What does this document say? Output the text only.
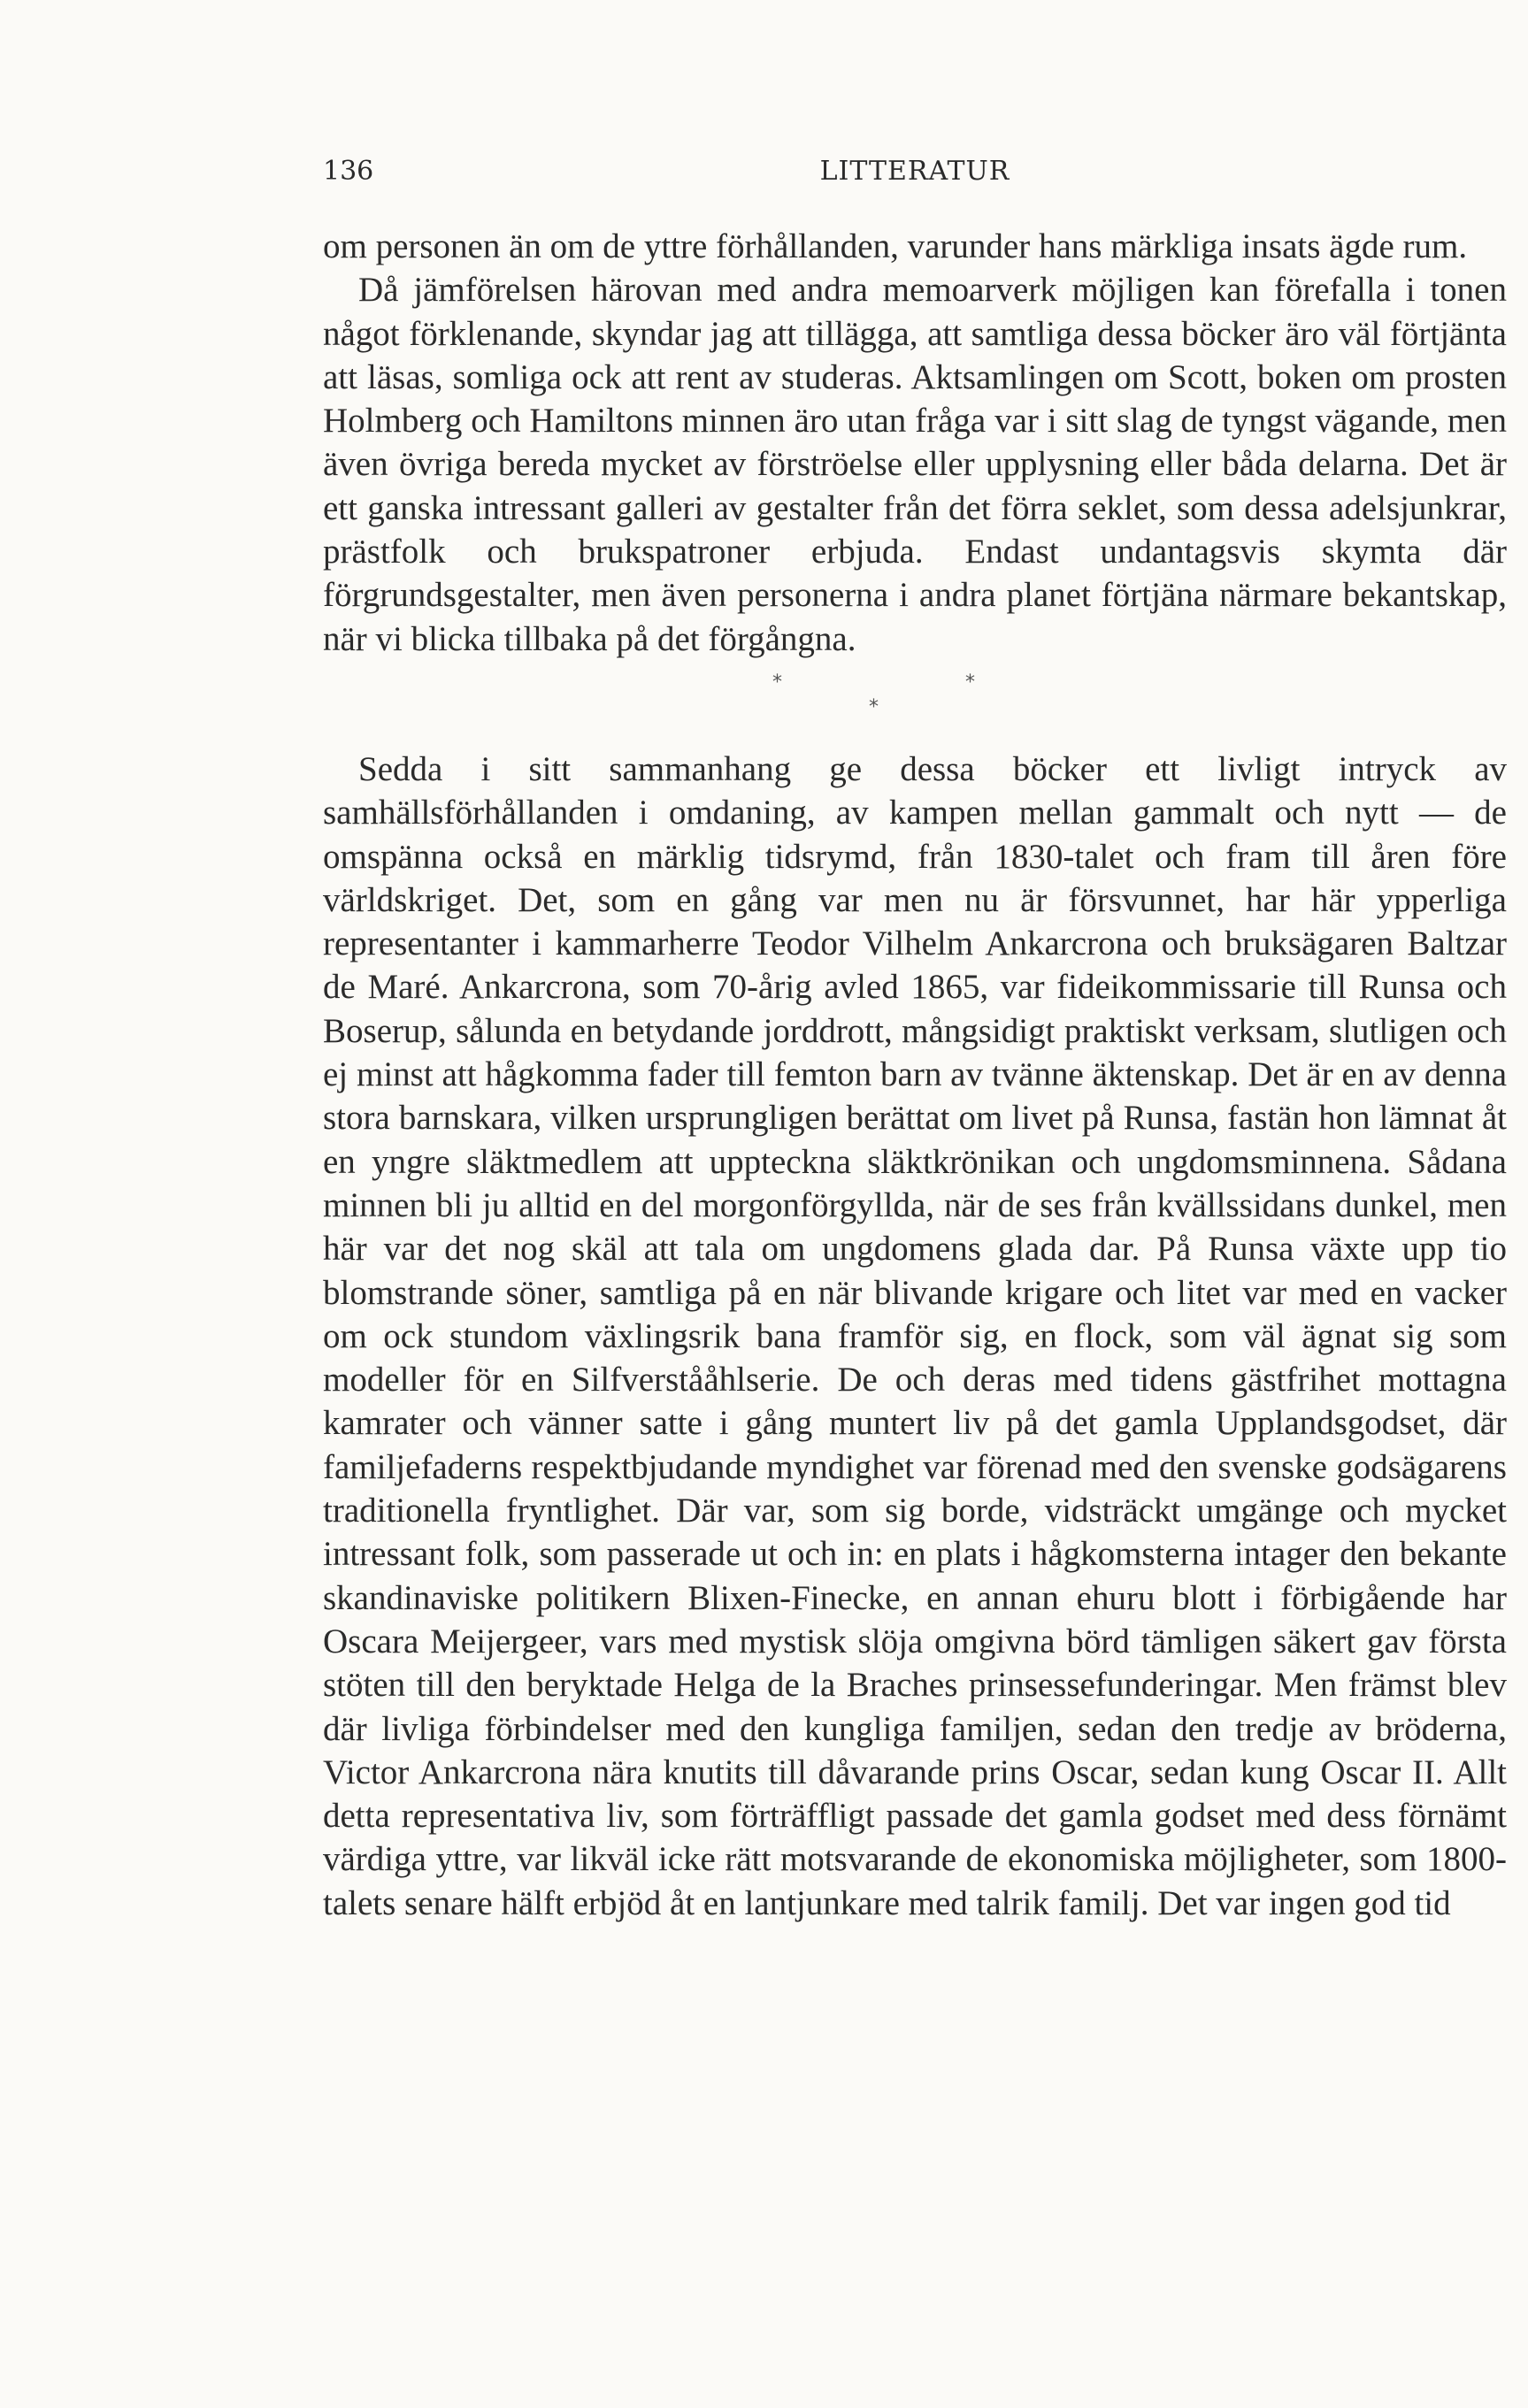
136	LITTERATUR

om personen än om de yttre förhållanden, varunder hans märkliga insats ägde rum.

Då jämförelsen härovan med andra memoarverk möjligen kan förefalla i tonen något förklenande, skyndar jag att tillägga, att samtliga dessa böcker äro väl förtjänta att läsas, somliga ock att rent av studeras. Aktsamlingen om Scott, boken om prosten Holmberg och Hamiltons minnen äro utan fråga var i sitt slag de tyngst vägande, men även övriga bereda mycket av förströelse eller upplysning eller båda delarna. Det är ett ganska intressant galleri av gestalter från det förra seklet, som dessa adelsjunkrar, prästfolk och brukspatroner erbjuda. Endast undantagsvis skymta där förgrundsgestalter, men även personerna i andra planet förtjäna närmare bekantskap, när vi blicka tillbaka på det förgångna.

*	*
*

Sedda i sitt sammanhang ge dessa böcker ett livligt intryck av samhällsförhållanden i omdaning, av kampen mellan gammalt och nytt — de omspänna också en märklig tidsrymd, från 1830-talet och fram till åren före världskriget. Det, som en gång var men nu är försvunnet, har här ypperliga representanter i kammarherre Teodor Vilhelm Ankarcrona och bruksägaren Baltzar de Maré. Ankarcrona, som 70-årig avled 1865, var fideikommissarie till Runsa och Boserup, sålunda en betydande jorddrott, mångsidigt praktiskt verksam, slutligen och ej minst att hågkomma fader till femton barn av tvänne äktenskap. Det är en av denna stora barnskara, vilken ursprungligen berättat om livet på Runsa, fastän hon lämnat åt en yngre släktmedlem att uppteckna släktkrönikan och ungdomsminnena. Sådana minnen bli ju alltid en del morgonförgyllda, när de ses från kvällssidans dunkel, men här var det nog skäl att tala om ungdomens glada dar. På Runsa växte upp tio blomstrande söner, samtliga på en när blivande krigare och litet var med en vacker om ock stundom växlingsrik bana framför sig, en flock, som väl ägnat sig som modeller för en Silfverstååhlserie. De och deras med tidens gästfrihet mottagna kamrater och vänner satte i gång muntert liv på det gamla Upplandsgodset, där familjefaderns respektbjudande myndighet var förenad med den svenske godsägarens traditionella fryntlighet. Där var, som sig borde, vidsträckt umgänge och mycket intressant folk, som passerade ut och in: en plats i hågkomsterna intager den bekante skandinaviske politikern Blixen-Finecke, en annan ehuru blott i förbigående har Oscara Meijergeer, vars med mystisk slöja omgivna börd tämligen säkert gav första stöten till den beryktade Helga de la Braches prinsessefunderingar. Men främst blev där livliga förbindelser med den kungliga familjen, sedan den tredje av bröderna, Victor Ankarcrona nära knutits till dåvarande prins Oscar, sedan kung Oscar II. Allt detta representativa liv, som förträffligt passade det gamla godset med dess förnämt värdiga yttre, var likväl icke rätt motsvarande de ekonomiska möjligheter, som 1800-talets senare hälft erbjöd åt en lantjunkare med talrik familj. Det var ingen god tid
